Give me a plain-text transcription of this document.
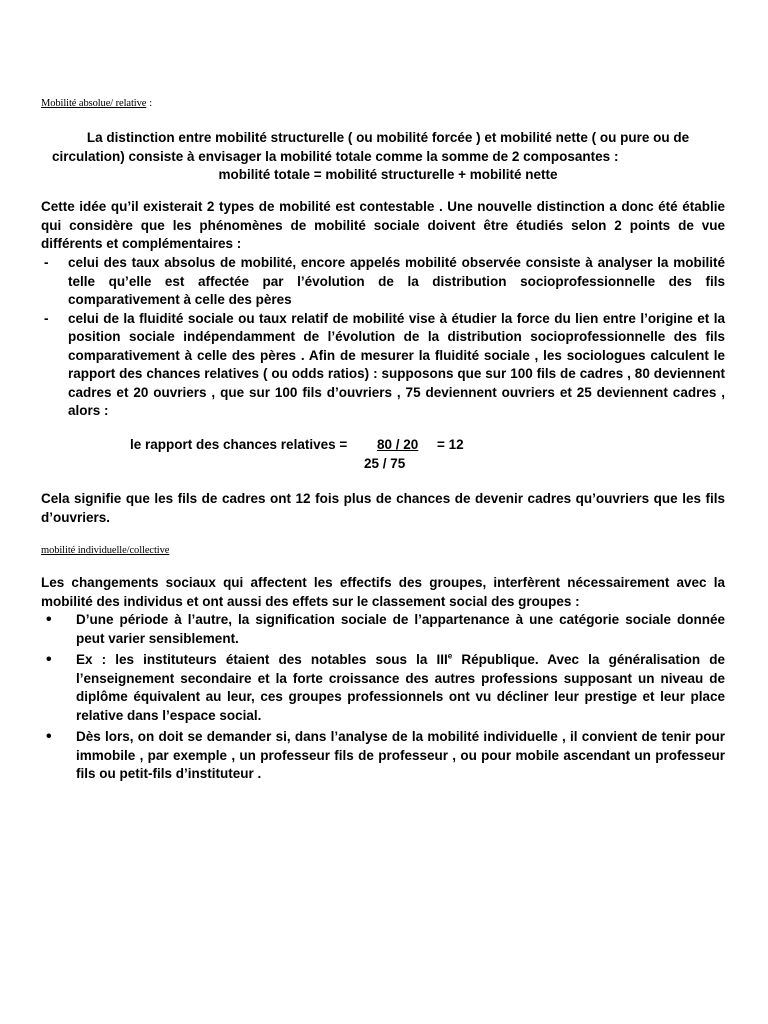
Mobilité absolue/ relative :
La distinction entre mobilité structurelle ( ou mobilité forcée ) et mobilité nette ( ou pure ou de
circulation) consiste à envisager la mobilité totale comme la somme de 2 composantes :
mobilité totale = mobilité structurelle + mobilité nette
Cette idée qu’il existerait 2 types de mobilité est contestable . Une nouvelle distinction a donc été établie qui considère que les phénomènes de mobilité sociale doivent être étudiés selon 2 points de vue différents et complémentaires :
-	celui des taux absolus de mobilité, encore appelés mobilité observée consiste à analyser la mobilité telle qu’elle est affectée par l’évolution de la distribution socioprofessionnelle des fils comparativement à celle des pères
-	celui de la fluidité sociale ou taux relatif de mobilité vise à étudier la force du lien entre l’origine et la position sociale indépendamment de l’évolution de la distribution socioprofessionnelle des fils comparativement à celle des pères . Afin de mesurer la fluidité sociale , les sociologues calculent le rapport des chances relatives ( ou odds ratios) : supposons que sur 100 fils de cadres , 80 deviennent cadres et 20 ouvriers , que sur 100 fils d’ouvriers , 75 deviennent ouvriers et 25 deviennent cadres , alors :
le rapport des chances relatives = 80 / 20 = 12
25 / 75
Cela signifie que les fils de cadres ont 12 fois plus de chances de devenir cadres qu’ouvriers que les fils d’ouvriers.
mobilité individuelle/collective
Les changements sociaux qui affectent les effectifs des groupes, interfèrent nécessairement avec la mobilité des individus et ont aussi des effets sur le classement social des groupes :
•	D’une période à l’autre, la signification sociale de l’appartenance à une catégorie sociale donnée peut varier sensiblement.
•	Ex : les instituteurs étaient des notables sous la IIIe République. Avec la généralisation de l’enseignement secondaire et la forte croissance des autres professions supposant un niveau de diplôme équivalent au leur, ces groupes professionnels ont vu décliner leur prestige et leur place relative dans l’espace social.
•	Dès lors, on doit se demander si, dans l’analyse de la mobilité individuelle , il convient de tenir pour immobile , par exemple , un professeur fils de professeur , ou pour mobile ascendant un professeur fils ou petit-fils d’instituteur .
